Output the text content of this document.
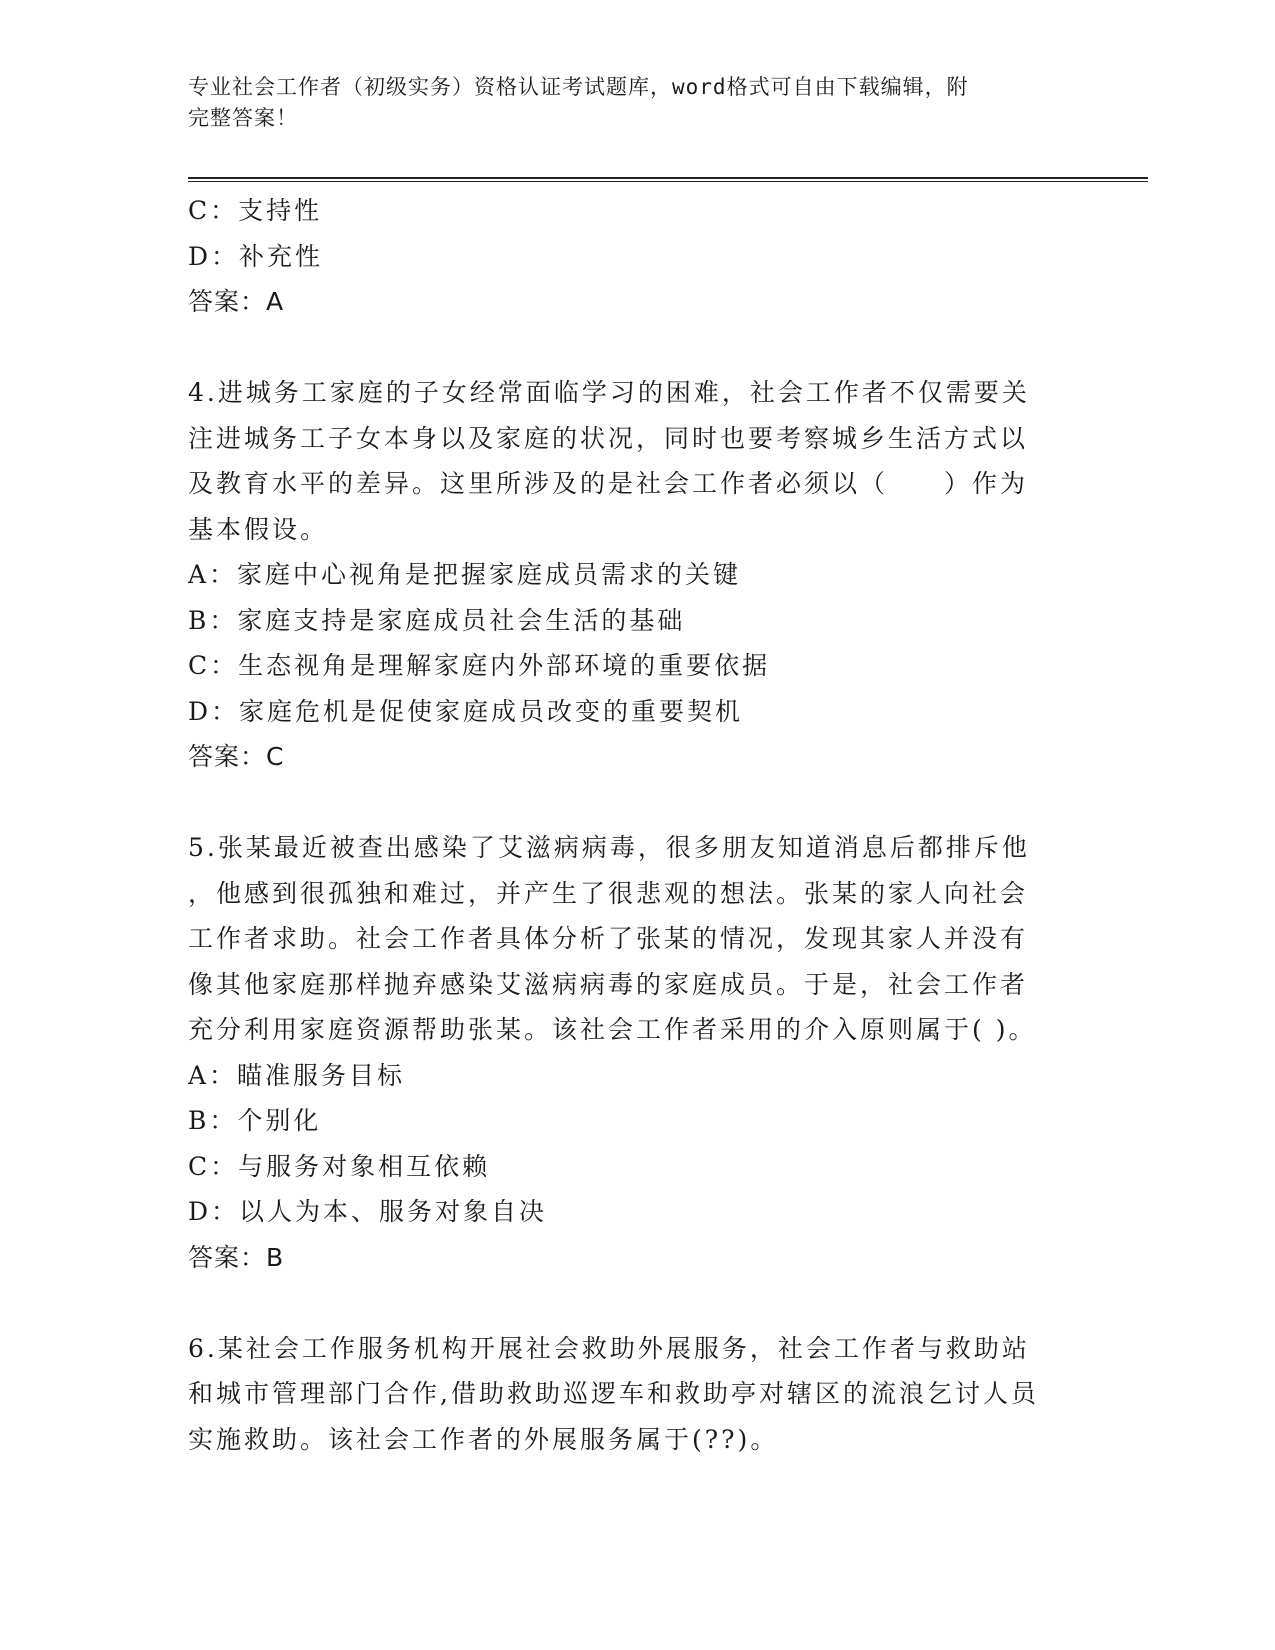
专业社会工作者（初级实务）资格认证考试题库，word格式可自由下载编辑，附
完整答案！
C：支持性
D：补充性
答案：A
4.进城务工家庭的子女经常面临学习的困难，社会工作者不仅需要关
注进城务工子女本身以及家庭的状况，同时也要考察城乡生活方式以
及教育水平的差异。这里所涉及的是社会工作者必须以（　　）作为
基本假设。
A：家庭中心视角是把握家庭成员需求的关键
B：家庭支持是家庭成员社会生活的基础
C：生态视角是理解家庭内外部环境的重要依据
D：家庭危机是促使家庭成员改变的重要契机
答案：C
5.张某最近被查出感染了艾滋病病毒，很多朋友知道消息后都排斥他
，他感到很孤独和难过，并产生了很悲观的想法。张某的家人向社会
工作者求助。社会工作者具体分析了张某的情况，发现其家人并没有
像其他家庭那样抛弃感染艾滋病病毒的家庭成员。于是，社会工作者
充分利用家庭资源帮助张某。该社会工作者采用的介入原则属于( )。
A：瞄准服务目标
B：个别化
C：与服务对象相互依赖
D：以人为本、服务对象自决
答案：B
6.某社会工作服务机构开展社会救助外展服务，社会工作者与救助站
和城市管理部门合作,借助救助巡逻车和救助亭对辖区的流浪乞讨人员
实施救助。该社会工作者的外展服务属于(??)。
